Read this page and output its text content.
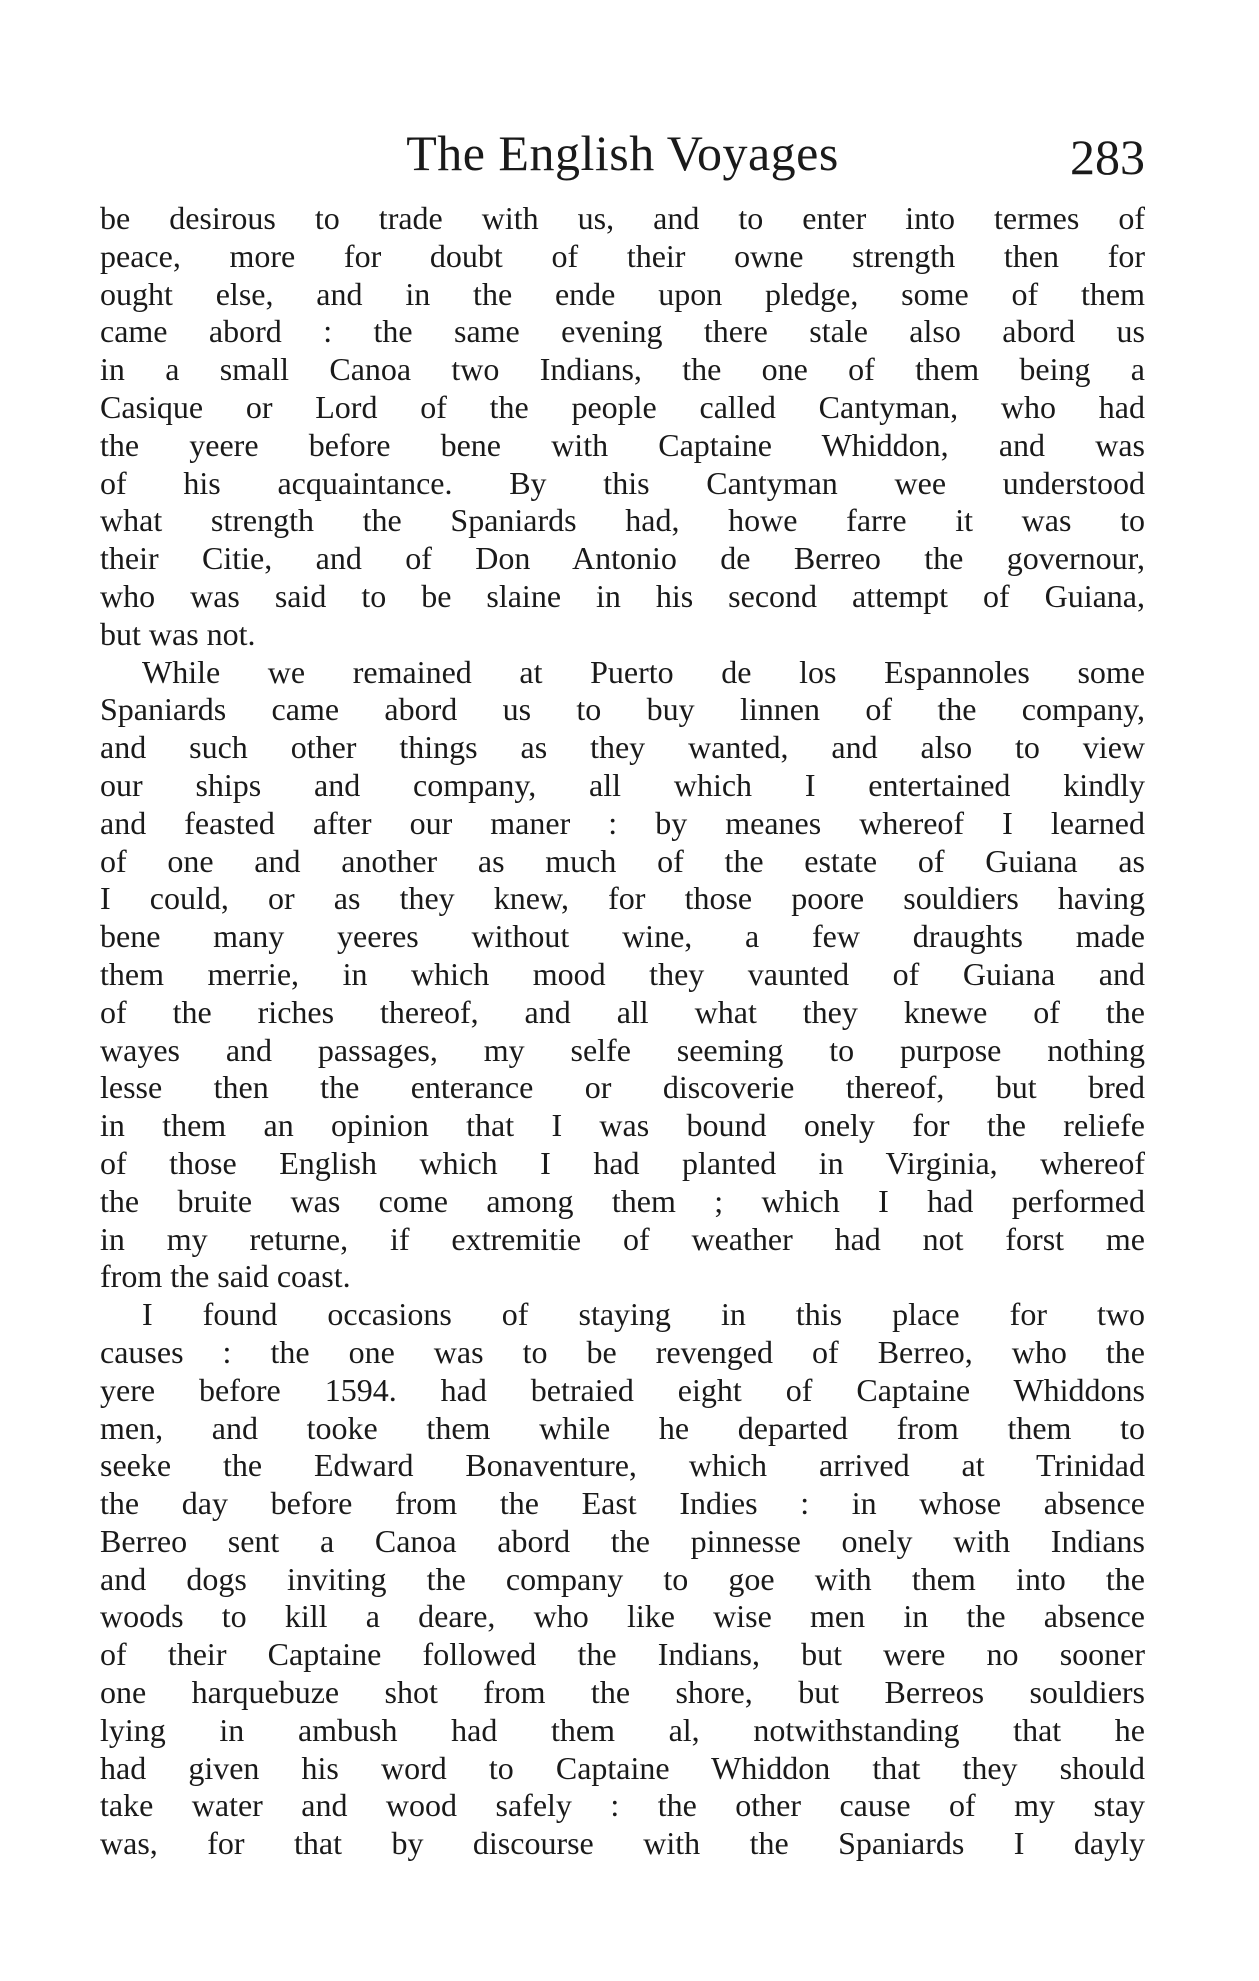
The English Voyages	283
be desirous to trade with us, and to enter into termes of
peace, more for doubt of their owne strength then for
ought else, and in the ende upon pledge, some of them
came abord : the same evening there stale also abord us
in a small Canoa two Indians, the one of them being a
Casique or Lord of the people called Cantyman, who had
the yeere before bene with Captaine Whiddon, and was
of his acquaintance. By this Cantyman wee understood
what strength the Spaniards had, howe farre it was to
their Citie, and of Don Antonio de Berreo the governour,
who was said to be slaine in his second attempt of Guiana,
but was not.
While we remained at Puerto de los Espannoles some
Spaniards came abord us to buy linnen of the company,
and such other things as they wanted, and also to view
our ships and company, all which I entertained kindly
and feasted after our maner : by meanes whereof I learned
of one and another as much of the estate of Guiana as
I could, or as they knew, for those poore souldiers having
bene many yeeres without wine, a few draughts made
them merrie, in which mood they vaunted of Guiana and
of the riches thereof, and all what they knewe of the
wayes and passages, my selfe seeming to purpose nothing
lesse then the enterance or discoverie thereof, but bred
in them an opinion that I was bound onely for the reliefe
of those English which I had planted in Virginia, whereof
the bruite was come among them ; which I had performed
in my returne, if extremitie of weather had not forst me
from the said coast.
I found occasions of staying in this place for two
causes : the one was to be revenged of Berreo, who the
yere before 1594. had betraied eight of Captaine Whiddons
men, and tooke them while he departed from them to
seeke the Edward Bonaventure, which arrived at Trinidad
the day before from the East Indies : in whose absence
Berreo sent a Canoa abord the pinnesse onely with Indians
and dogs inviting the company to goe with them into the
woods to kill a deare, who like wise men in the absence
of their Captaine followed the Indians, but were no sooner
one harquebuze shot from the shore, but Berreos souldiers
lying in ambush had them al, notwithstanding that he
had given his word to Captaine Whiddon that they should
take water and wood safely : the other cause of my stay
was, for that by discourse with the Spaniards I dayly
